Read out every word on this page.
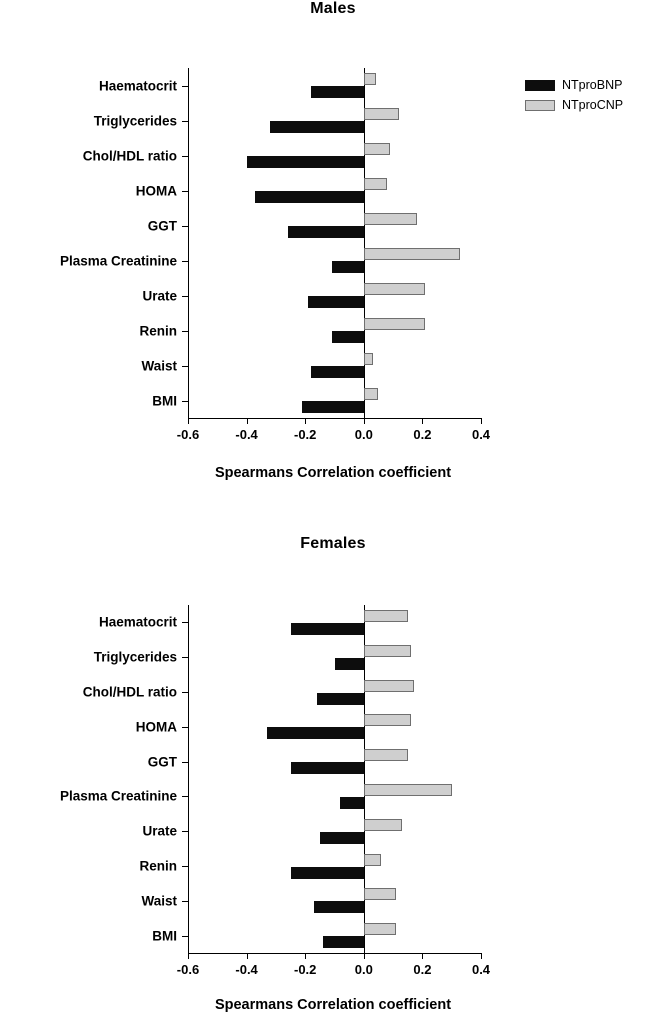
Males
-0.6	-0.4	-0.2	0.0	0.2	0.4
Haematocrit
Triglycerides
Chol/HDL ratio
HOMA
GGT
Plasma Creatinine
Urate
Renin
Waist
BMI
Spearmans Correlation coefficient
NTproBNP
NTproCNP
Females
-0.6	-0.4	-0.2	0.0	0.2	0.4
Haematocrit
Triglycerides
Chol/HDL ratio
HOMA
GGT
Plasma Creatinine
Urate
Renin
Waist
BMI
Spearmans Correlation coefficient
